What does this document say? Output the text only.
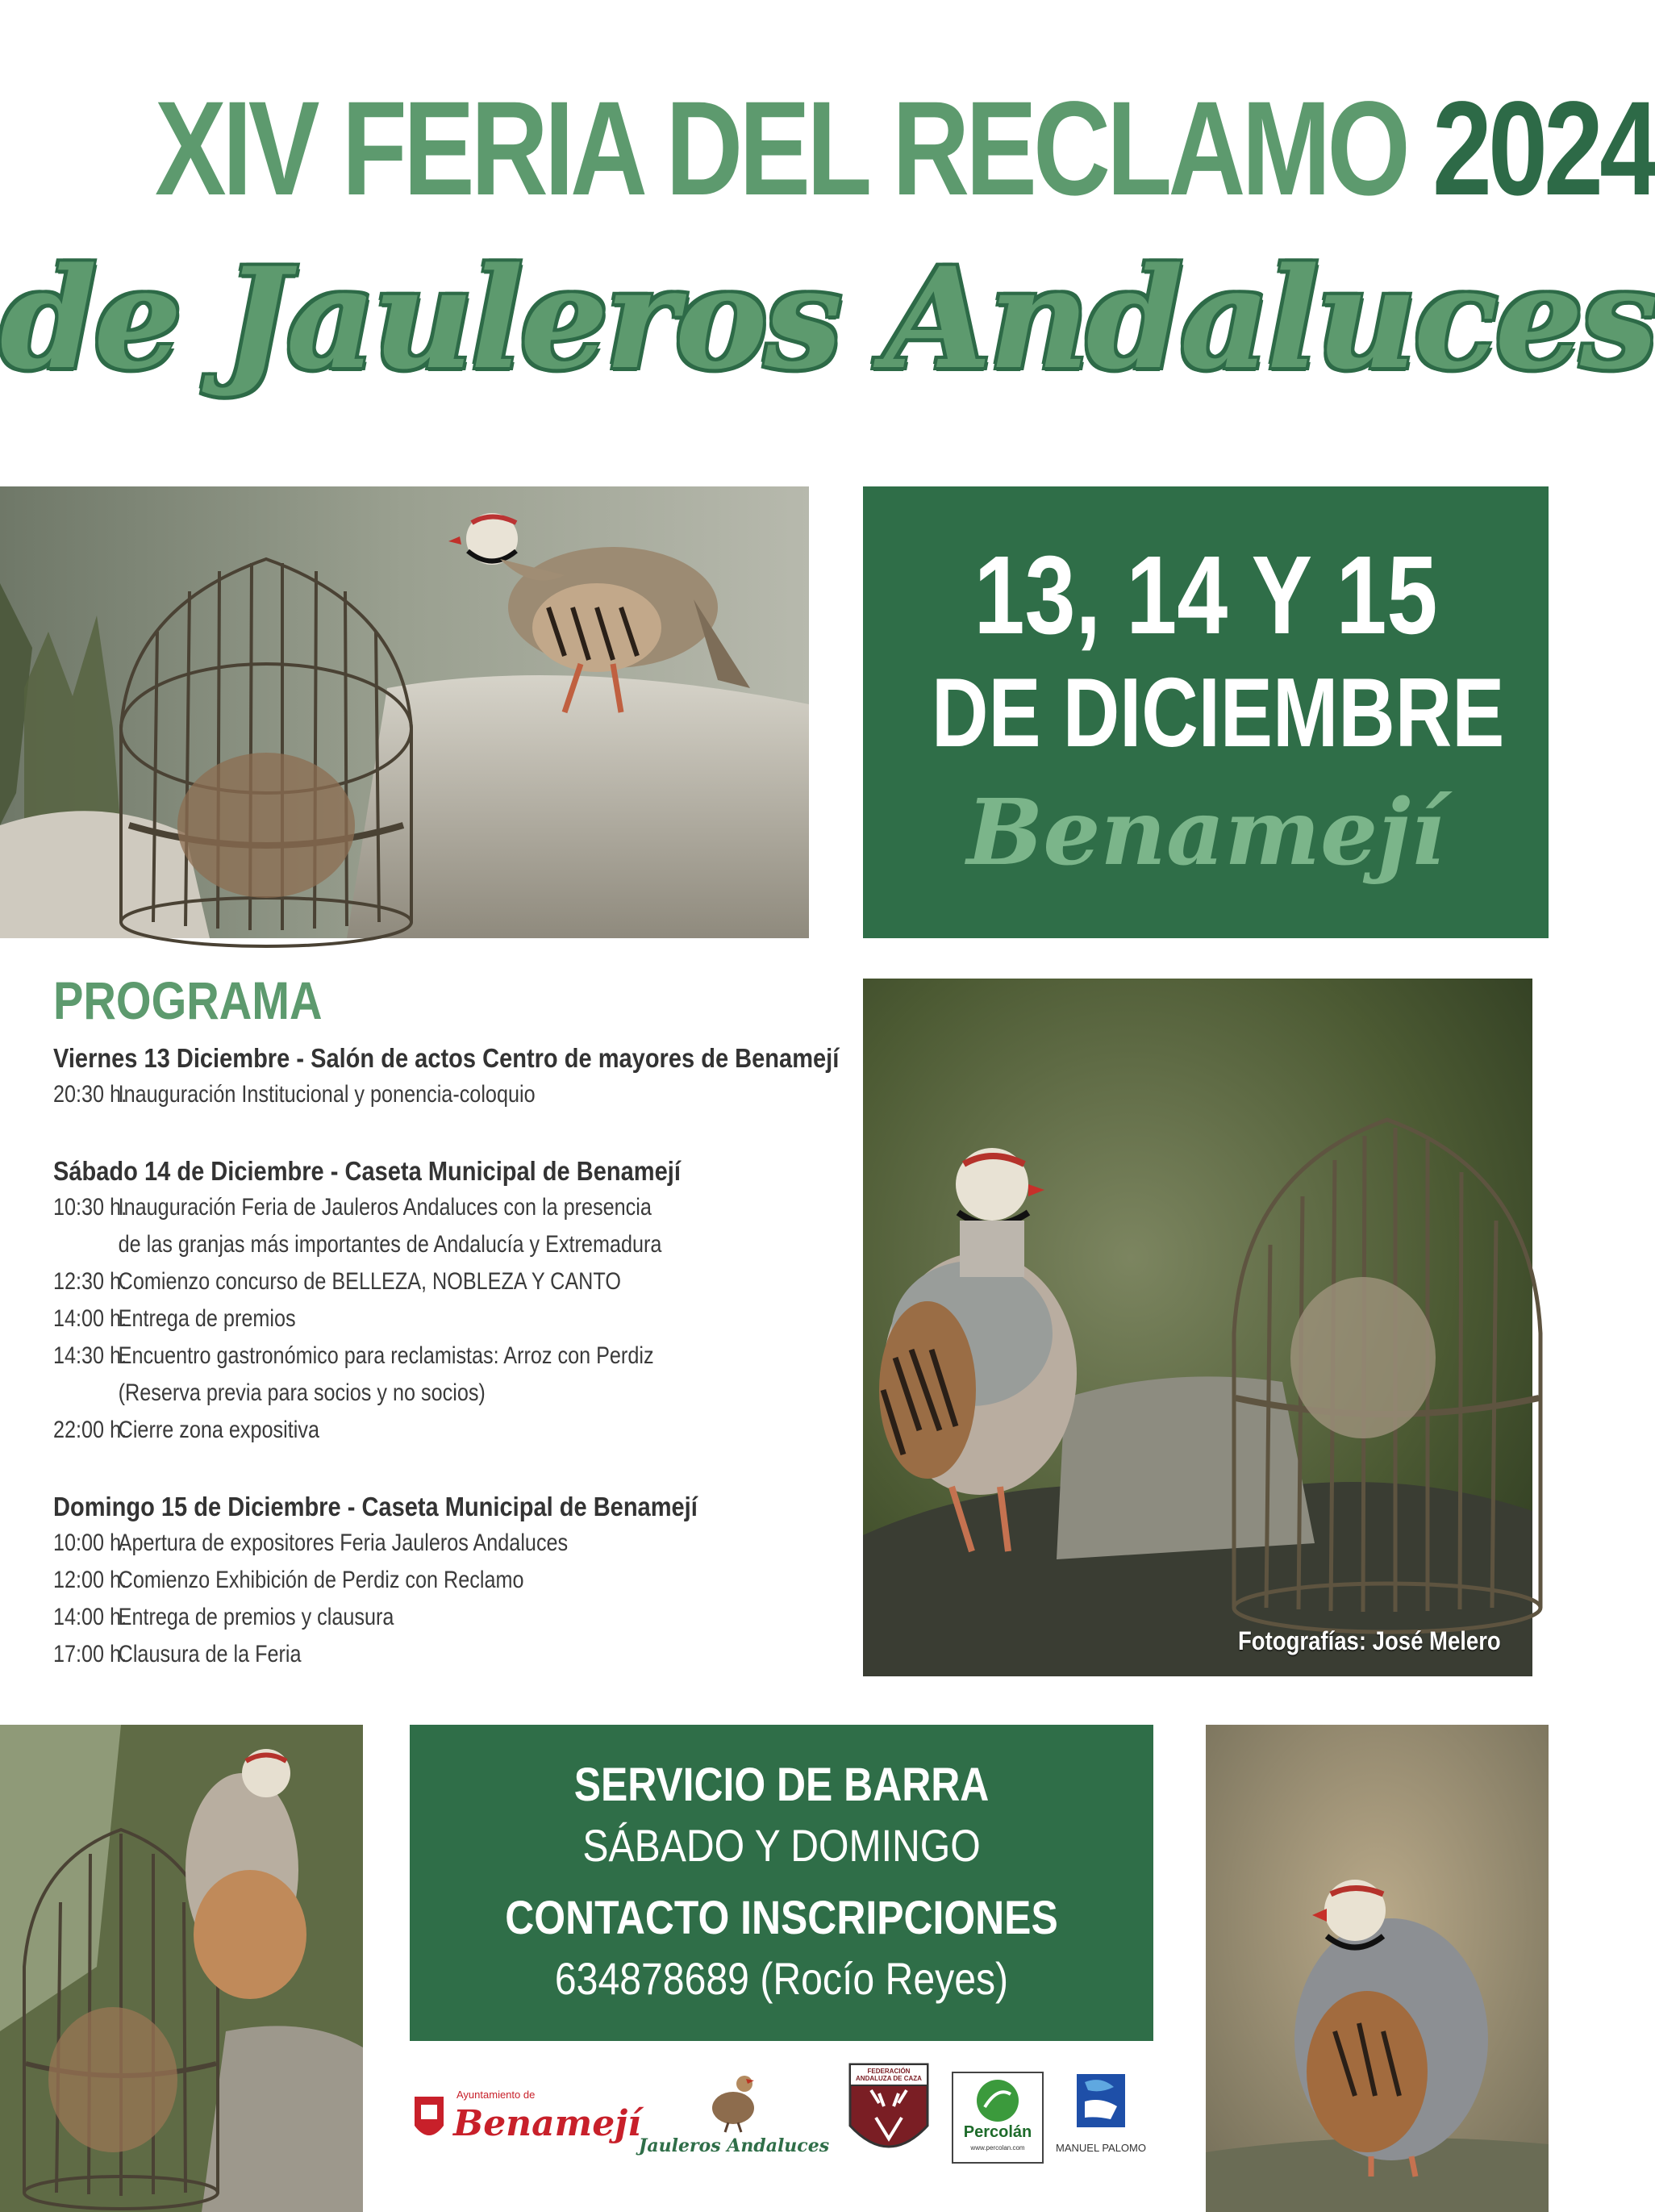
XIV FERIA DEL RECLAMO 2024
de Jauleros Andaluces
13, 14 Y 15
DE DICIEMBRE
Benamejí
PROGRAMA
Viernes 13 Diciembre - Salón de actos Centro de mayores de Benamejí
20:30 h.Inauguración Institucional y ponencia-coloquio
Sábado 14 de Diciembre - Caseta Municipal de Benamejí
10:30 h.Inauguración Feria de Jauleros Andaluces con la presencia
de las granjas más importantes de Andalucía y Extremadura
12:30 h.Comienzo concurso de BELLEZA, NOBLEZA Y CANTO
14:00 h.Entrega de premios
14:30 h.Encuentro gastronómico para reclamistas: Arroz con Perdiz
(Reserva previa para socios y no socios)
22:00 h.Cierre zona expositiva
Domingo 15 de Diciembre - Caseta Municipal de Benamejí
10:00 h.Apertura de expositores Feria Jauleros Andaluces
12:00 h.Comienzo Exhibición de Perdiz con Reclamo
14:00 h.Entrega de premios y clausura
17:00 h.Clausura de la Feria	Fotografías: José Melero
SERVICIO DE BARRA
SÁBADO Y DOMINGO
CONTACTO INSCRIPCIONES
634878689 (Rocío Reyes)
Ayuntamiento de
Benamejí
Jauleros Andaluces
FEDERACIÓN ANDALUZA DE CAZA
Percolán
www.percolan.com	MANUEL PALOMO
